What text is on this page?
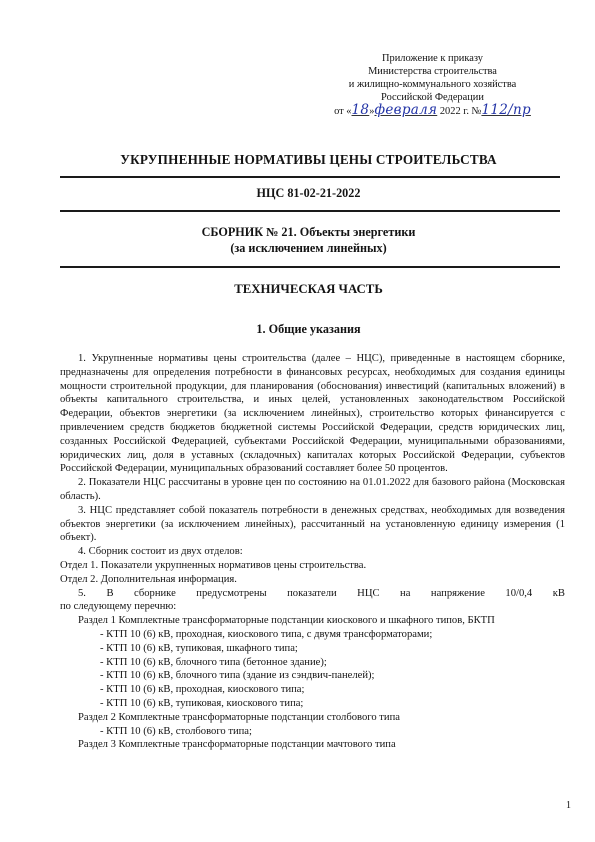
Приложение к приказу
Министерства строительства
и жилищно-коммунального хозяйства
Российской Федерации
от «18»февраля 2022 г. №112/пр
УКРУПНЕННЫЕ НОРМАТИВЫ ЦЕНЫ СТРОИТЕЛЬСТВА
НЦС 81-02-21-2022
СБОРНИК № 21. Объекты энергетики
(за исключением линейных)
ТЕХНИЧЕСКАЯ ЧАСТЬ
1. Общие указания

1. Укрупненные нормативы цены строительства (далее – НЦС), приведенные в настоящем сборнике, предназначены для определения потребности в финансовых ресурсах, необходимых для создания единицы мощности строительной продукции, для планирования (обоснования) инвестиций (капитальных вложений) в объекты капитального строительства, и иных целей, установленных законодательством Российской Федерации, объектов энергетики (за исключением линейных), строительство которых финансируется с привлечением средств бюджетов бюджетной системы Российской Федерации, средств юридических лиц, созданных Российской Федерацией, субъектами Российской Федерации, муниципальными образованиями, юридических лиц, доля в уставных (складочных) капиталах которых Российской Федерации, субъектов Российской Федерации, муниципальных образований составляет более 50 процентов.

2. Показатели НЦС рассчитаны в уровне цен по состоянию на 01.01.2022 для базового района (Московская область).

3. НЦС представляет собой показатель потребности в денежных средствах, необходимых для возведения объектов энергетики (за исключением линейных), рассчитанный на установленную единицу измерения (1 объект).

4. Сборник состоит из двух отделов:

Отдел 1. Показатели укрупненных нормативов цены строительства.

Отдел 2. Дополнительная информация.

5. В сборнике предусмотрены показатели НЦС на напряжение 10/0,4 кВ

по следующему перечню:

Раздел 1 Комплектные трансформаторные подстанции киоскового и шкафного типов, БКТП

- КТП 10 (6) кВ, проходная, киоскового типа, с двумя трансформаторами;

- КТП 10 (6) кВ, тупиковая, шкафного типа;

- КТП 10 (6) кВ, блочного типа (бетонное здание);

- КТП 10 (6) кВ, блочного типа (здание из сэндвич-панелей);

- КТП 10 (6) кВ, проходная, киоскового типа;

- КТП 10 (6) кВ, тупиковая, киоскового типа;

Раздел 2 Комплектные трансформаторные подстанции столбового типа

- КТП 10 (6) кВ, столбового типа;

Раздел 3 Комплектные трансформаторные подстанции мачтового типа

1
